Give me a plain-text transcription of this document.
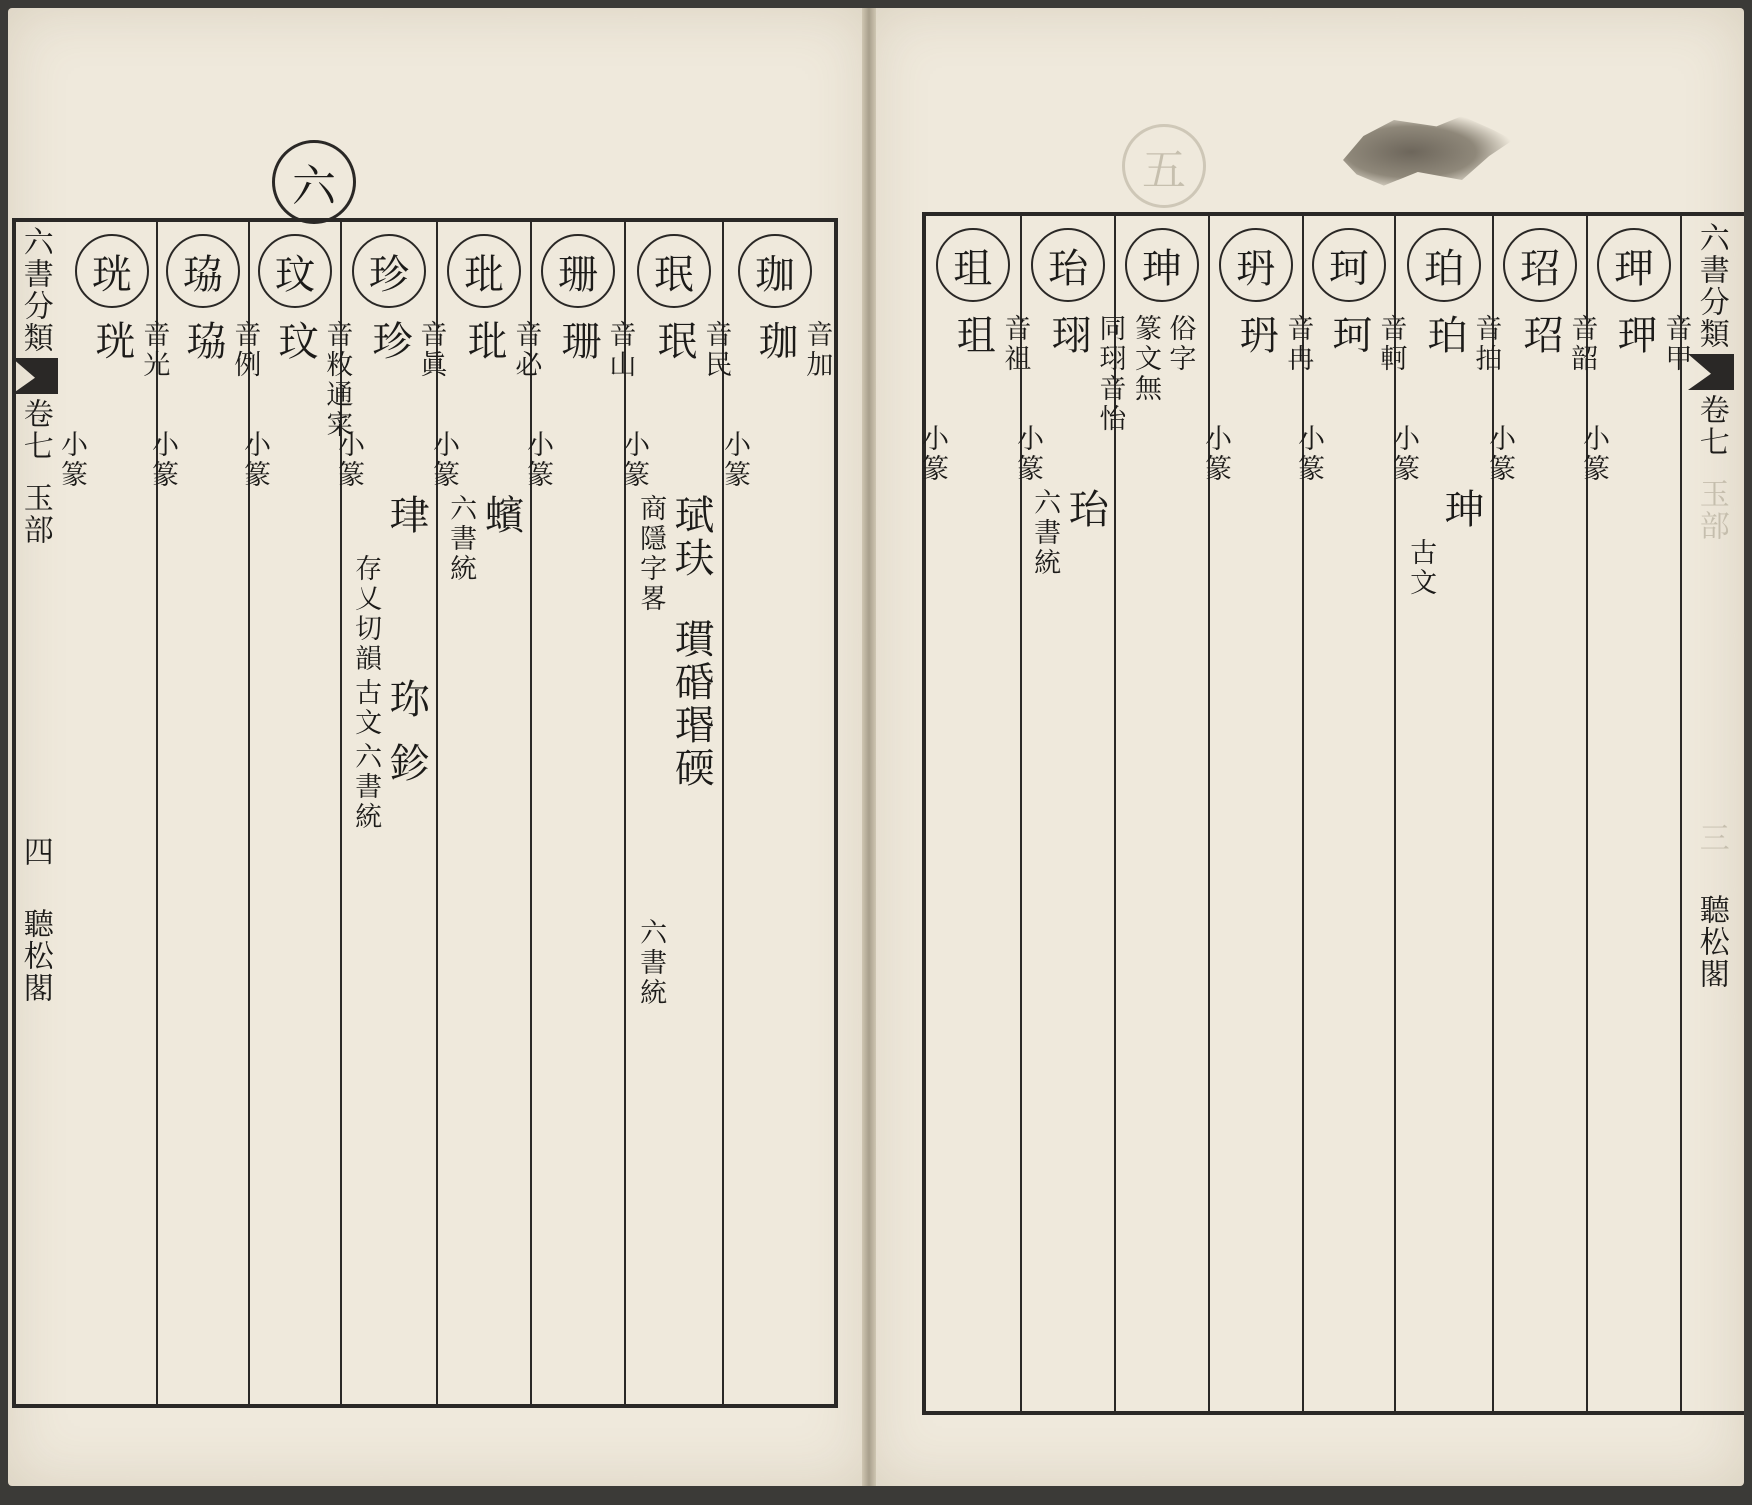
六
六書分類
卷七
玉部
四
聽松閣
珖
音光
珖
小篆
珕
音例
珕
小篆
玟
音敉通寀
玟
小篆
珍
音眞
珍
小篆
珒
存乂切韻
珎
古文
鉁
六書統
玭
音必
玭
小篆
蠙
六書統
珊
音山
珊
小篆
珉
音民
珉
小篆
珷玞
商隱字畧
瑻碈瑉碝
六書統
珈
音加
珈
小篆
五
珇
音祖
珇
小篆
珆
同珝音怡
珝
小篆
珆
六書統
珅
俗字
篆文無
玬
音冉
玬
小篆
珂
音軻
珂
小篆
珀
音拍
珀
小篆
珅
古文
玿
音韶
玿
小篆
玾
音甲
玾
小篆
六書分類
卷七
玉部
三
聽松閣
